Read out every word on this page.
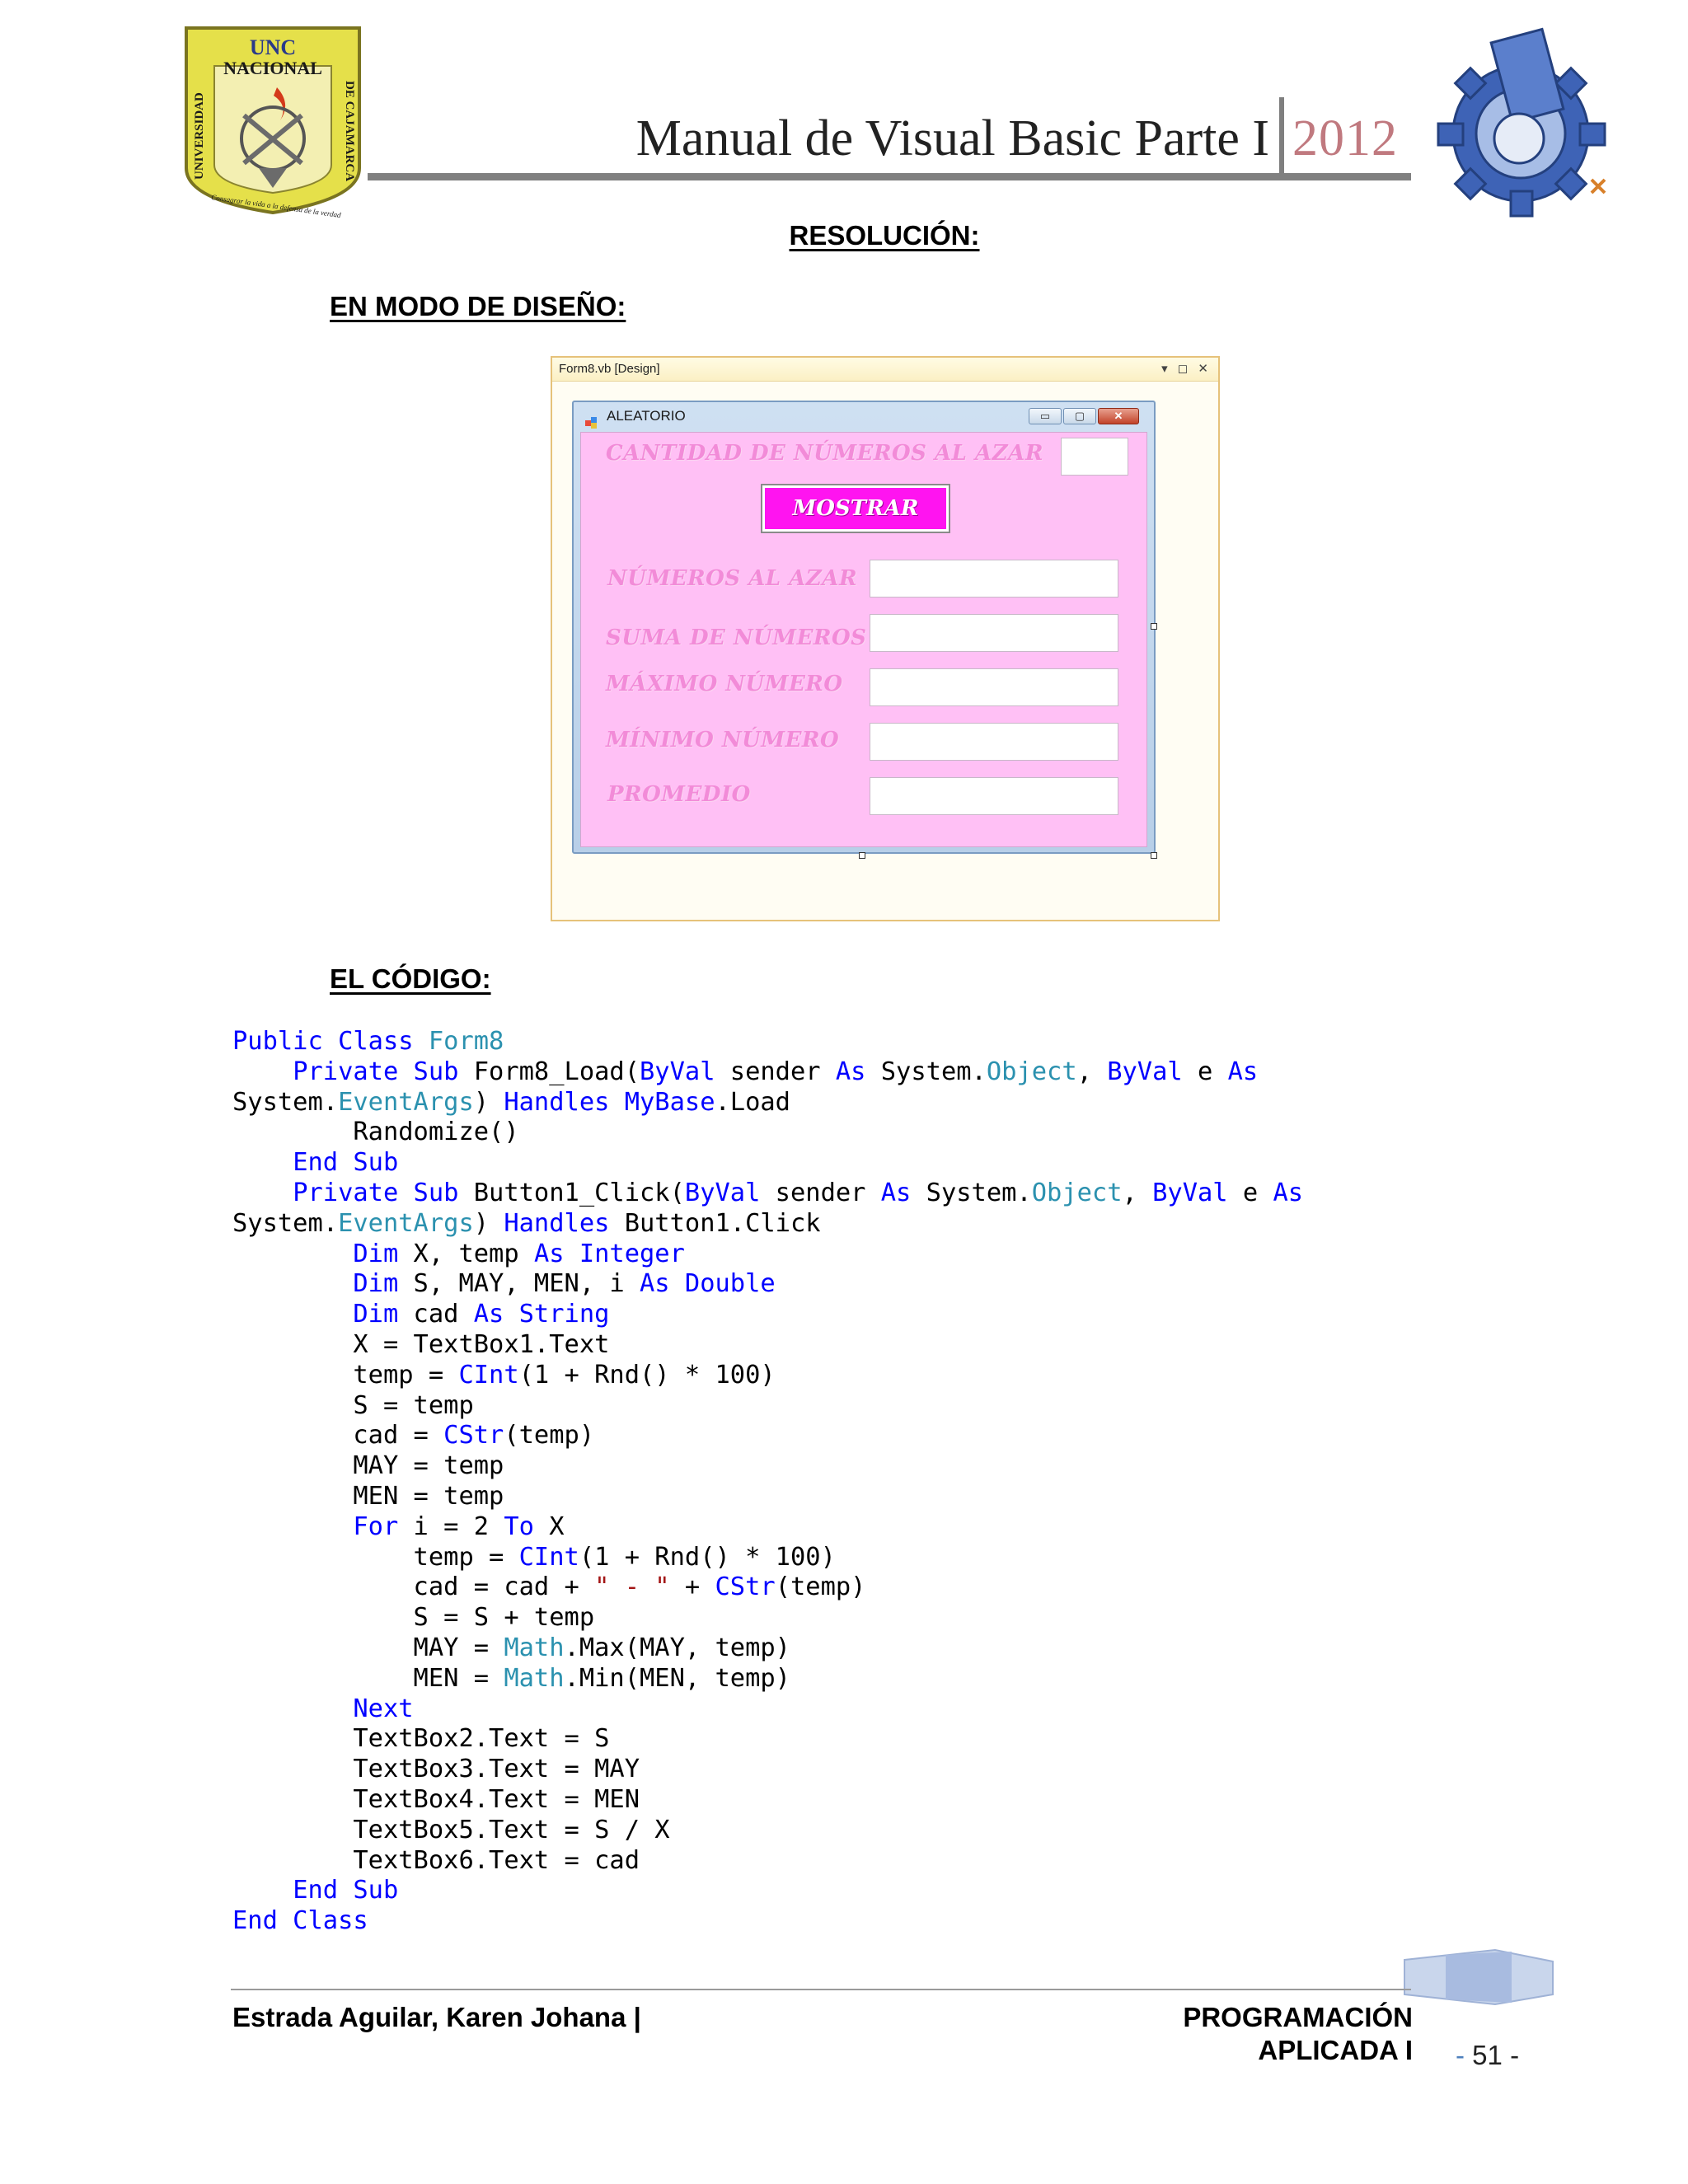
UNC
NACIONAL
UNIVERSIDAD	DE CAJAMARCA
Consagrar la vida a la defensa de la verdad
Manual de Visual Basic Parte I 2012
RESOLUCIÓN:
EN MODO DE DISEÑO:
Form8.vb [Design]	▾ ◻ ✕
ALEATORIO	▭	▢	✕
CANTIDAD DE NÚMEROS AL AZAR
MOSTRAR
NÚMEROS AL AZAR
SUMA DE NÚMEROS
MÁXIMO NÚMERO
MÍNIMO NÚMERO
PROMEDIO
EL CÓDIGO:
Public Class Form8
Private Sub Form8_Load(ByVal sender As System.Object, ByVal e As
System.EventArgs) Handles MyBase.Load
Randomize()
End Sub
Private Sub Button1_Click(ByVal sender As System.Object, ByVal e As
System.EventArgs) Handles Button1.Click
Dim X, temp As Integer
Dim S, MAY, MEN, i As Double
Dim cad As String
X = TextBox1.Text
temp = CInt(1 + Rnd() * 100)
S = temp
cad = CStr(temp)
MAY = temp
MEN = temp
For i = 2 To X
temp = CInt(1 + Rnd() * 100)
cad = cad + " - " + CStr(temp)
S = S + temp
MAY = Math.Max(MAY, temp)
MEN = Math.Min(MEN, temp)
Next
TextBox2.Text = S
TextBox3.Text = MAY
TextBox4.Text = MEN
TextBox5.Text = S / X
TextBox6.Text = cad
End Sub
End Class
Estrada Aguilar, Karen Johana |	PROGRAMACIÓN APLICADA I - 51 -
